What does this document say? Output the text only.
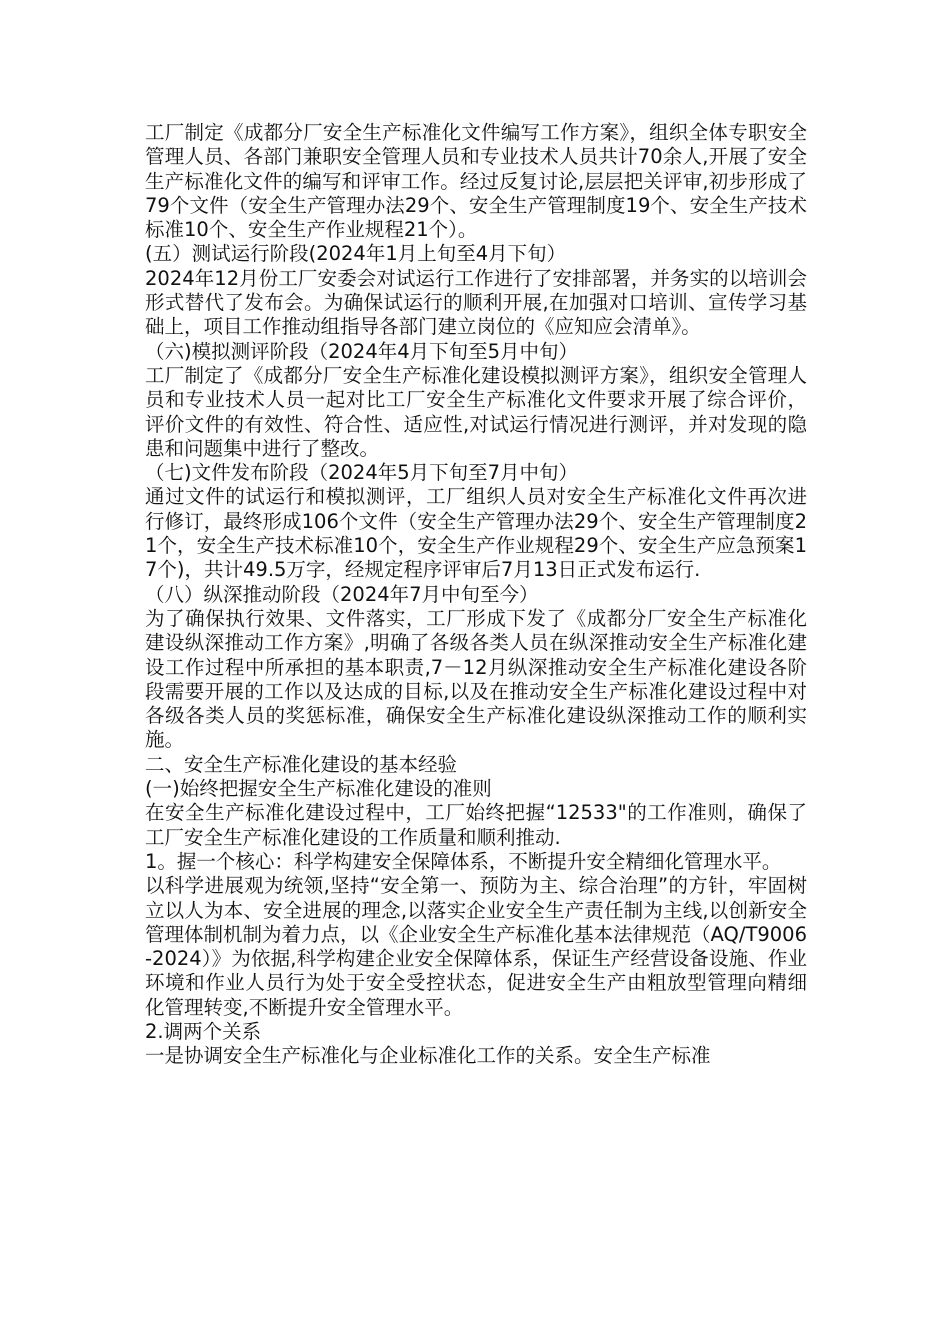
工厂制定《成都分厂安全生产标准化文件编写工作方案》，组织全体专职安全管理人员、各部门兼职安全管理人员和专业技术人员共计70余人,开展了安全生产标准化文件的编写和评审工作。经过反复讨论,层层把关评审,初步形成了79个文件（安全生产管理办法29个、安全生产管理制度19个、安全生产技术标准10个、安全生产作业规程21个）。

(五）测试运行阶段(2024年1月上旬至4月下旬）

2024年12月份工厂安委会对试运行工作进行了安排部署，并务实的以培训会形式替代了发布会。为确保试运行的顺利开展,在加强对口培训、宣传学习基础上，项目工作推动组指导各部门建立岗位的《应知应会清单》。

（六)模拟测评阶段（2024年4月下旬至5月中旬）

工厂制定了《成都分厂安全生产标准化建设模拟测评方案》，组织安全管理人员和专业技术人员一起对比工厂安全生产标准化文件要求开展了综合评价，评价文件的有效性、符合性、适应性,对试运行情况进行测评，并对发现的隐患和问题集中进行了整改。

（七)文件发布阶段（2024年5月下旬至7月中旬）

通过文件的试运行和模拟测评，工厂组织人员对安全生产标准化文件再次进行修订，最终形成106个文件（安全生产管理办法29个、安全生产管理制度21个，安全生产技术标准10个，安全生产作业规程29个、安全生产应急预案17个)，共计49.5万字，经规定程序评审后7月13日正式发布运行.

（八）纵深推动阶段（2024年7月中旬至今）

为了确保执行效果、文件落实，工厂形成下发了《成都分厂安全生产标准化建设纵深推动工作方案》,明确了各级各类人员在纵深推动安全生产标准化建设工作过程中所承担的基本职责,7－12月纵深推动安全生产标准化建设各阶段需要开展的工作以及达成的目标,以及在推动安全生产标准化建设过程中对各级各类人员的奖惩标准，确保安全生产标准化建设纵深推动工作的顺利实施。

二、安全生产标准化建设的基本经验

(一)始终把握安全生产标准化建设的准则

在安全生产标准化建设过程中，工厂始终把握“12533"的工作准则，确保了工厂安全生产标准化建设的工作质量和顺利推动.

1。握一个核心：科学构建安全保障体系，不断提升安全精细化管理水平。

以科学进展观为统领,坚持“安全第一、预防为主、综合治理”的方针，牢固树立以人为本、安全进展的理念,以落实企业安全生产责任制为主线,以创新安全管理体制机制为着力点，以《企业安全生产标准化基本法律规范（AQ/T9006-2024）》为依据,科学构建企业安全保障体系，保证生产经营设备设施、作业环境和作业人员行为处于安全受控状态，促进安全生产由粗放型管理向精细化管理转变,不断提升安全管理水平。

2.调两个关系

一是协调安全生产标准化与企业标准化工作的关系。安全生产标准
